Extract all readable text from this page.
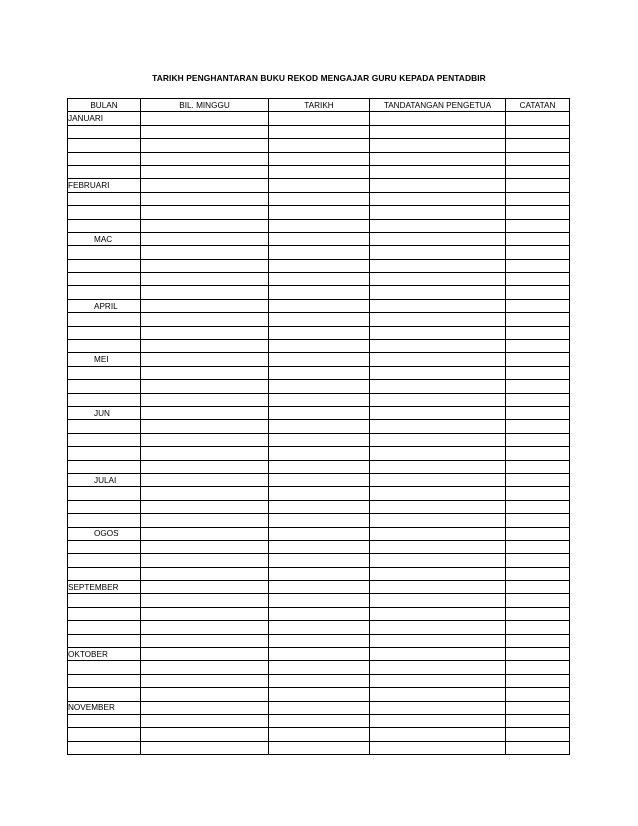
TARIKH PENGHANTARAN BUKU REKOD MENGAJAR GURU KEPADA PENTADBIR
BULAN	BIL. MINGGU	TARIKH	TANDATANGAN PENGETUA	CATATAN
JANUARI				

FEBRUARI				

MAC				

APRIL				

MEI				

JUN				

JULAI				

OGOS				

SEPTEMBER				

OKTOBER				

NOVEMBER				
